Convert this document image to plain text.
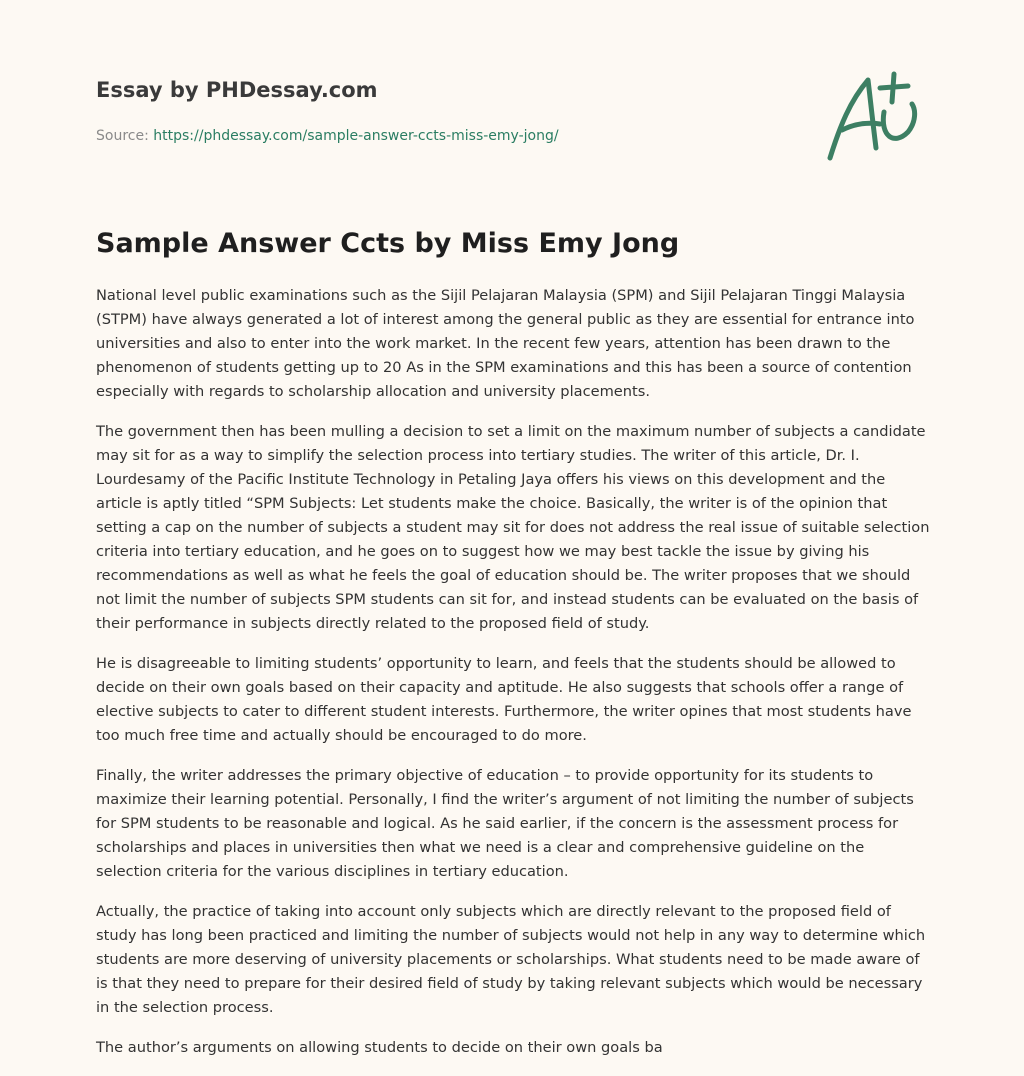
Essay by PHDessay.com
Source: https://phdessay.com/sample-answer-ccts-miss-emy-jong/
Sample Answer Ccts by Miss Emy Jong

National level public examinations such as the Sijil Pelajaran Malaysia (SPM) and Sijil Pelajaran Tinggi Malaysia (STPM) have always generated a lot of interest among the general public as they are essential for entrance into universities and also to enter into the work market. In the recent few years, attention has been drawn to the phenomenon of students getting up to 20 As in the SPM examinations and this has been a source of contention especially with regards to scholarship allocation and university placements.

The government then has been mulling a decision to set a limit on the maximum number of subjects a candidate may sit for as a way to simplify the selection process into tertiary studies. The writer of this article, Dr. I. Lourdesamy of the Pacific Institute Technology in Petaling Jaya offers his views on this development and the article is aptly titled “SPM Subjects: Let students make the choice. Basically, the writer is of the opinion that setting a cap on the number of subjects a student may sit for does not address the real issue of suitable selection criteria into tertiary education, and he goes on to suggest how we may best tackle the issue by giving his recommendations as well as what he feels the goal of education should be. The writer proposes that we should not limit the number of subjects SPM students can sit for, and instead students can be evaluated on the basis of their performance in subjects directly related to the proposed field of study.

He is disagreeable to limiting students’ opportunity to learn, and feels that the students should be allowed to decide on their own goals based on their capacity and aptitude. He also suggests that schools offer a range of elective subjects to cater to different student interests. Furthermore, the writer opines that most students have too much free time and actually should be encouraged to do more.

Finally, the writer addresses the primary objective of education – to provide opportunity for its students to maximize their learning potential. Personally, I find the writer’s argument of not limiting the number of subjects for SPM students to be reasonable and logical. As he said earlier, if the concern is the assessment process for scholarships and places in universities then what we need is a clear and comprehensive guideline on the selection criteria for the various disciplines in tertiary education.

Actually, the practice of taking into account only subjects which are directly relevant to the proposed field of study has long been practiced and limiting the number of subjects would not help in any way to determine which students are more deserving of university placements or scholarships. What students need to be made aware of is that they need to prepare for their desired field of study by taking relevant subjects which would be necessary in the selection process.

The author’s arguments on allowing students to decide on their own goals ba
